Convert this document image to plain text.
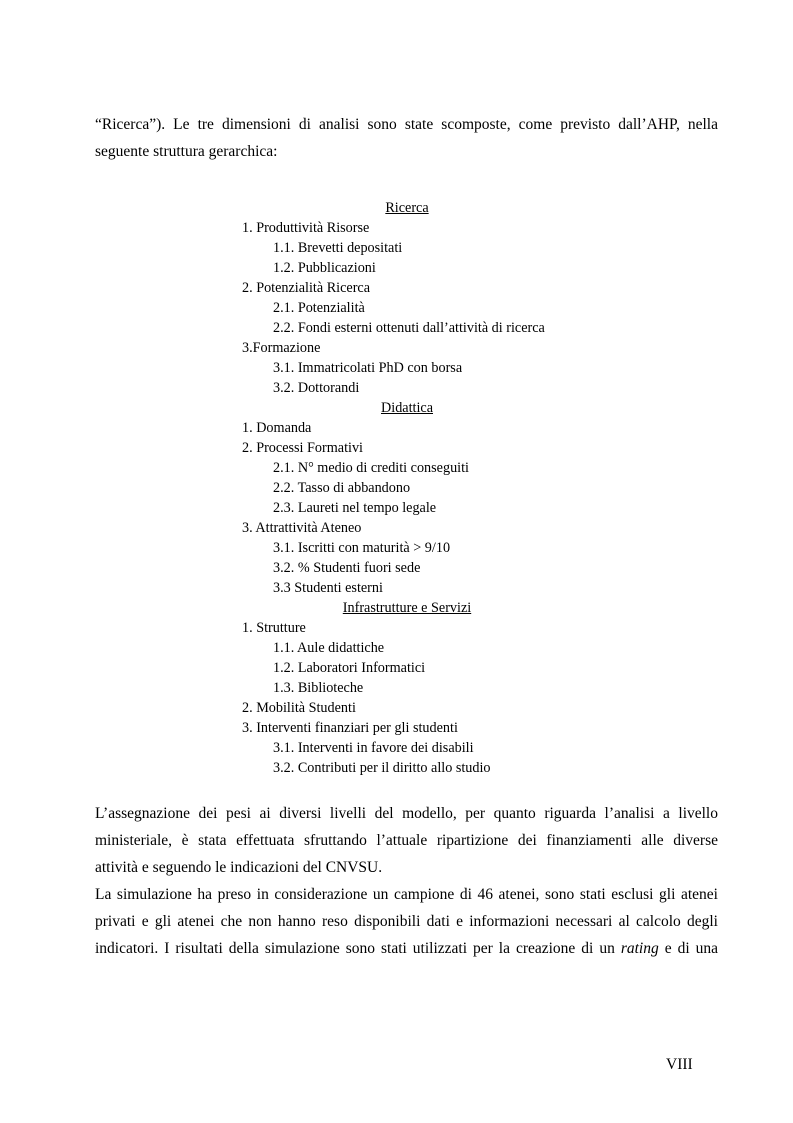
“Ricerca”). Le tre dimensioni di analisi sono state scomposte, come previsto dall’AHP, nella
seguente struttura gerarchica:

Ricerca
1. Produttività Risorse
1.1. Brevetti depositati
1.2. Pubblicazioni
2. Potenzialità Ricerca
2.1. Potenzialità
2.2. Fondi esterni ottenuti dall’attività di ricerca
3.Formazione
3.1. Immatricolati PhD con borsa
3.2. Dottorandi
Didattica
1. Domanda
2. Processi Formativi
2.1. N° medio di crediti conseguiti
2.2. Tasso di abbandono
2.3. Laureti nel tempo legale
3. Attrattività Ateneo
3.1. Iscritti con maturità > 9/10
3.2. % Studenti fuori sede
3.3 Studenti esterni
Infrastrutture e Servizi
1. Strutture
1.1. Aule didattiche
1.2. Laboratori Informatici
1.3. Biblioteche
2. Mobilità Studenti
3. Interventi finanziari per gli studenti
3.1. Interventi in favore dei disabili
3.2. Contributi per il diritto allo studio

L’assegnazione dei pesi ai diversi livelli del modello, per quanto riguarda l’analisi a livello
ministeriale, è stata effettuata sfruttando l’attuale ripartizione dei finanziamenti alle diverse
attività e seguendo le indicazioni del CNVSU.

La simulazione ha preso in considerazione un campione di 46 atenei, sono stati esclusi gli atenei
privati e gli atenei che non hanno reso disponibili dati e informazioni necessari al calcolo degli
indicatori. I risultati della simulazione sono stati utilizzati per la creazione di un rating e di una

VIII
